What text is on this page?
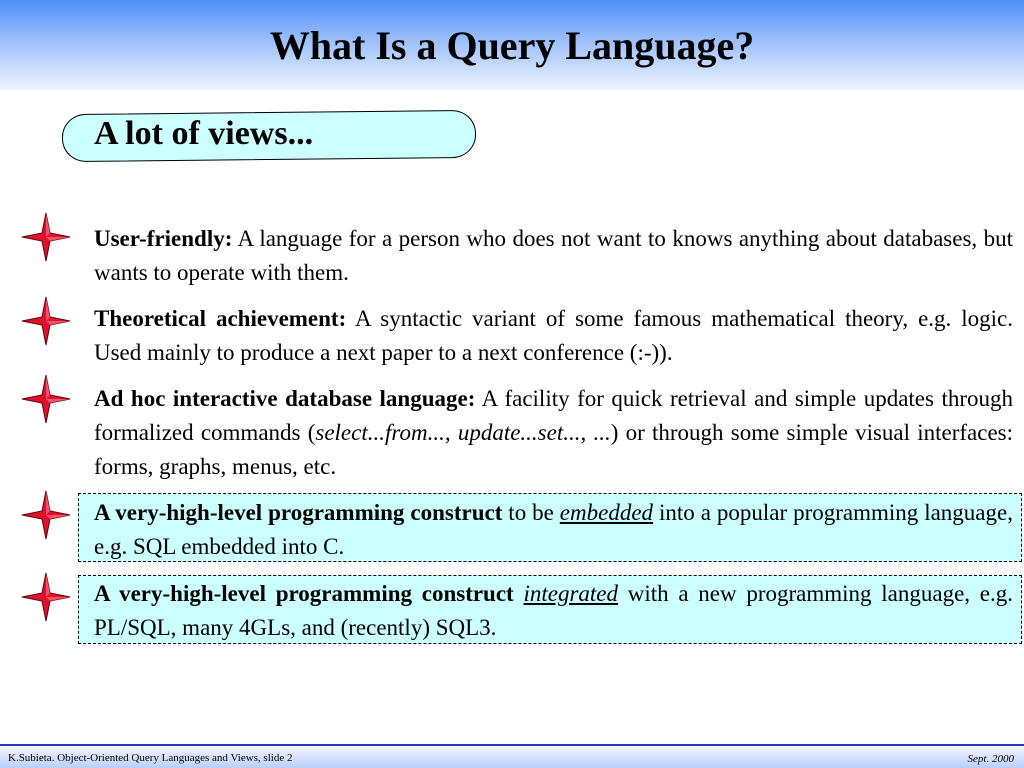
What Is a Query Language?
A lot of views...
User-friendly: A language for a person who does not want to knows anything about databases, but wants to operate with them.
Theoretical achievement: A syntactic variant of some famous mathematical theory, e.g. logic. Used mainly to produce a next paper to a next conference (:-)).
Ad hoc interactive database language: A facility for quick retrieval and simple updates through formalized commands (select...from..., update...set..., ...) or through some simple visual interfaces: forms, graphs, menus, etc.
A very-high-level programming construct to be embedded into a popular programming language, e.g. SQL embedded into C.
A very-high-level programming construct integrated with a new programming language, e.g. PL/SQL, many 4GLs, and (recently) SQL3.
K.Subieta. Object-Oriented Query Languages and Views, slide 2	Sept. 2000
